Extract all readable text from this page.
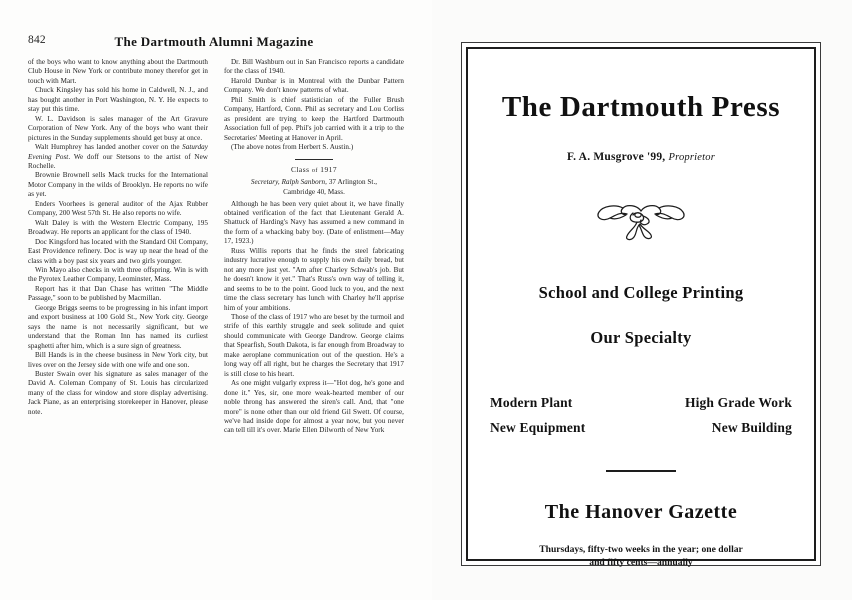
The Dartmouth Alumni Magazine
842

of the boys who want to know anything about the Dartmouth Club House in New York or contribute money therefor get in touch with Mart.

Chuck Kingsley has sold his home in Caldwell, N. J., and has bought another in Port Washington, N. Y. He expects to stay put this time.

W. L. Davidson is sales manager of the Art Gravure Corporation of New York. Any of the boys who want their pictures in the Sunday supplements should get busy at once.

Walt Humphrey has landed another cover on the Saturday Evening Post. We doff our Stetsons to the artist of New Rochelle.

Brownie Brownell sells Mack trucks for the International Motor Company in the wilds of Brooklyn. He reports no wife as yet.

Enders Voorhees is general auditor of the Ajax Rubber Company, 200 West 57th St. He also reports no wife.

Walt Daley is with the Western Electric Company, 195 Broadway. He reports an applicant for the class of 1940.

Doc Kingsford has located with the Standard Oil Company, East Providence refinery. Doc is way up near the head of the class with a boy past six years and two girls younger.

Win Mayo also checks in with three offspring. Win is with the Pyrotex Leather Company, Leominster, Mass.

Report has it that Dan Chase has written "The Middle Passage," soon to be published by Macmillan.

George Briggs seems to be progressing in his infant import and export business at 100 Gold St., New York city. George says the name is not necessarily significant, but we understand that the Roman Inn has named its curliest spaghetti after him, which is a sure sign of greatness.

Bill Hands is in the cheese business in New York city, but lives over on the Jersey side with one wife and one son.

Buster Swain over his signature as sales manager of the David A. Coleman Company of St. Louis has circularized many of the class for window and store display advertising. Jack Piane, as an enterprising storekeeper in Hanover, please note.

Dr. Bill Washburn out in San Francisco reports a candidate for the class of 1940.

Harold Dunbar is in Montreal with the Dunbar Pattern Company. We don't know patterns of what.

Phil Smith is chief statistician of the Fuller Brush Company, Hartford, Conn. Phil as secretary and Lou Corliss as president are trying to keep the Hartford Dartmouth Association full of pep. Phil's job carried with it a trip to the Secretaries' Meeting at Hanover in April.

(The above notes from Herbert S. Austin.)

Class of 1917
Secretary, Ralph Sanborn, 37 Arlington St.,
Cambridge 40, Mass.

Although he has been very quiet about it, we have finally obtained verification of the fact that Lieutenant Gerald A. Shattuck of Harding's Navy has assumed a new command in the form of a whacking baby boy. (Date of enlistment—May 17, 1923.)

Russ Willis reports that he finds the steel fabricating industry lucrative enough to supply his own daily bread, but not any more just yet. "Am after Charley Schwab's job. But he doesn't know it yet." That's Russ's own way of telling it, and seems to be to the point. Good luck to you, and the next time the class secretary has lunch with Charley he'll apprise him of your ambitions.

Those of the class of 1917 who are beset by the turmoil and strife of this earthly struggle and seek solitude and quiet should communicate with George Dandrow. George claims that Spearfish, South Dakota, is far enough from Broadway to make aeroplane communication out of the question. He's a long way off all right, but he charges the Secretary that 1917 is still close to his heart.

As one might vulgarly express it—"Hot dog, he's gone and done it." Yes, sir, one more weak-hearted member of our noble throng has answered the siren's call. And, that "one more" is none other than our old friend Gil Swett. Of course, we've had inside dope for almost a year now, but you never can tell till it's over. Marie Ellen Dilworth of New York

The Dartmouth Press
F. A. Musgrove '99, Proprietor
School and College Printing
Our Specialty
Modern Plant	High Grade Work
New Equipment	New Building
The Hanover Gazette
Thursdays, fifty-two weeks in the year; one dollar
and fifty cents—annually
